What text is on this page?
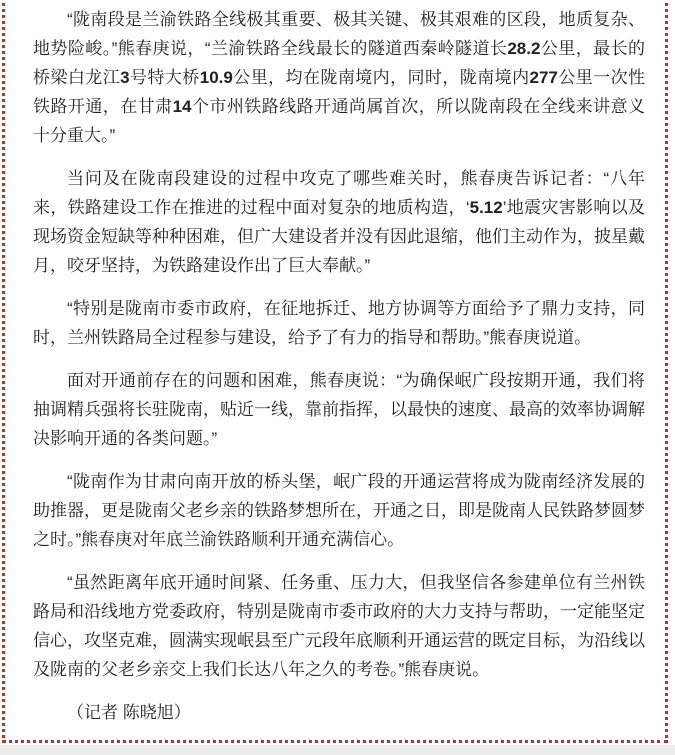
“陇南段是兰渝铁路全线极其重要、极其关键、极其艰难的区段，地质复杂、地势险峻。”熊春庚说，“兰渝铁路全线最长的隧道西秦岭隧道长28.2公里，最长的桥梁白龙江3号特大桥10.9公里，均在陇南境内，同时，陇南境内277公里一次性铁路开通，在甘肃14个市州铁路线路开通尚属首次，所以陇南段在全线来讲意义十分重大。”

当问及在陇南段建设的过程中攻克了哪些难关时，熊春庚告诉记者：“八年来，铁路建设工作在推进的过程中面对复杂的地质构造，‘5.12’地震灾害影响以及现场资金短缺等种种困难，但广大建设者并没有因此退缩，他们主动作为，披星戴月，咬牙坚持，为铁路建设作出了巨大奉献。”

“特别是陇南市委市政府，在征地拆迁、地方协调等方面给予了鼎力支持，同时，兰州铁路局全过程参与建设，给予了有力的指导和帮助。”熊春庚说道。

面对开通前存在的问题和困难，熊春庚说：“为确保岷广段按期开通，我们将抽调精兵强将长驻陇南，贴近一线，靠前指挥，以最快的速度、最高的效率协调解决影响开通的各类问题。”

“陇南作为甘肃向南开放的桥头堡，岷广段的开通运营将成为陇南经济发展的助推器，更是陇南父老乡亲的铁路梦想所在，开通之日，即是陇南人民铁路梦圆梦之时。”熊春庚对年底兰渝铁路顺利开通充满信心。

“虽然距离年底开通时间紧、任务重、压力大，但我坚信各参建单位有兰州铁路局和沿线地方党委政府，特别是陇南市委市政府的大力支持与帮助，一定能坚定信心，攻坚克难，圆满实现岷县至广元段年底顺利开通运营的既定目标，为沿线以及陇南的父老乡亲交上我们长达八年之久的考卷。”熊春庚说。

（记者 陈晓旭）
